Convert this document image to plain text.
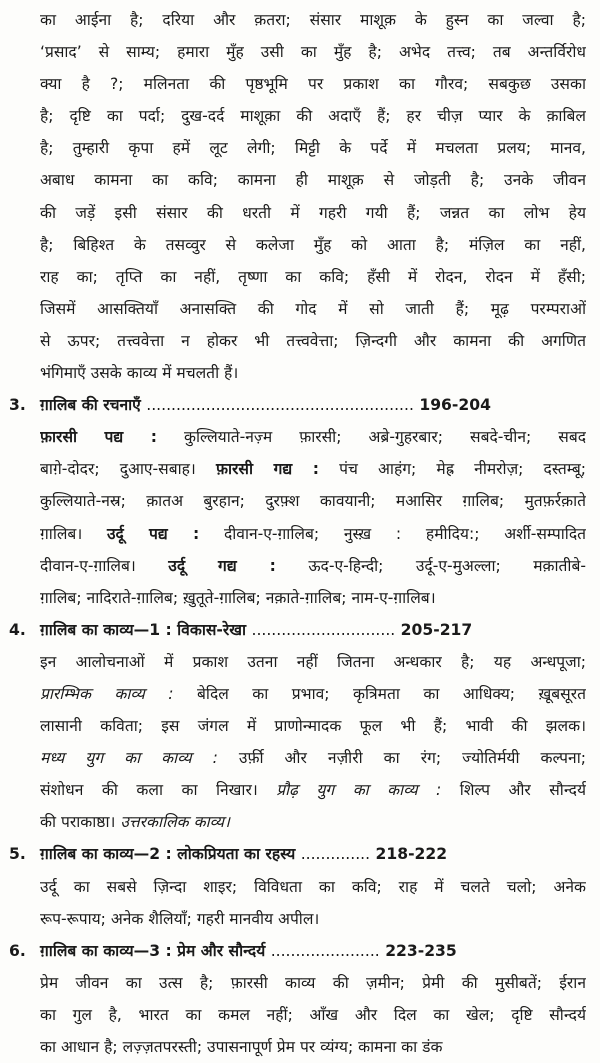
का आईना है; दरिया और क़तरा; संसार माशूक़ के हुस्न का जल्वा है;
‘प्रसाद’ से साम्य; हमारा मुँह उसी का मुँह है; अभेद तत्त्व; तब अन्तर्विरोध
क्या है ?; मलिनता की पृष्ठभूमि पर प्रकाश का गौरव; सबकुछ उसका
है; दृष्टि का पर्दा; दुख-दर्द माशूक़ा की अदाएँ हैं; हर चीज़ प्यार के क़ाबिल
है; तुम्हारी कृपा हमें लूट लेगी; मिट्टी के पर्दे में मचलता प्रलय; मानव,
अबाध कामना का कवि; कामना ही माशूक़ से जोड़ती है; उनके जीवन
की जड़ें इसी संसार की धरती में गहरी गयी हैं; जन्नत का लोभ हेय
है; बिहिश्त के तसव्वुर से कलेजा मुँह को आता है; मंज़िल का नहीं,
राह का; तृप्ति का नहीं, तृष्णा का कवि; हँसी में रोदन, रोदन में हँसी;
जिसमें आसक्तियाँ अनासक्ति की गोद में सो जाती हैं; मूढ़ परम्पराओं
से ऊपर; तत्त्ववेत्ता न होकर भी तत्त्ववेत्ता; ज़िन्दगी और कामना की अगणित
भंगिमाएँ उसके काव्य में मचलती हैं।
3. ग़ालिब की रचनाएँ ...................................................... 196-204
फ़ारसी पद्य : कुल्लियाते-नज़्म फ़ारसी; अब्रे-गुहरबार; सबदे-चीन; सबद
बाग़े-दोदर; दुआए-सबाह। फ़ारसी गद्य : पंच आहंग; मेह्र नीमरोज़; दस्तम्बू;
कुल्लियाते-नस्र; क़ातअ बुरहान; दुरफ़्श कावयानी; मआसिर ग़ालिब; मुतफ़र्रक़ाते
ग़ालिब। उर्दू पद्य : दीवान-ए-ग़ालिब; नुस्ख़ : हमीदिय:; अर्शी-सम्पादित
दीवान-ए-ग़ालिब। उर्दू गद्य : ऊद-ए-हिन्दी; उर्दू-ए-मुअल्ला; मक़ातीबे-
ग़ालिब; नादिराते-ग़ालिब; ख़ुतूते-ग़ालिब; नक़ाते-ग़ालिब; नाम-ए-ग़ालिब।
4. ग़ालिब का काव्य—1 : विकास-रेखा ............................. 205-217
इन आलोचनाओं में प्रकाश उतना नहीं जितना अन्धकार है; यह अन्धपूजा;
प्रारम्भिक काव्य : बेदिल का प्रभाव; कृत्रिमता का आधिक्य; ख़ूबसूरत
लासानी कविता; इस जंगल में प्राणोन्मादक फूल भी हैं; भावी की झलक।
मध्य युग का काव्य : उर्फ़ी और नज़ीरी का रंग; ज्योतिर्मयी कल्पना;
संशोधन की कला का निखार। प्रौढ़ युग का काव्य : शिल्प और सौन्दर्य
की पराकाष्ठा। उत्तरकालिक काव्य।
5. ग़ालिब का काव्य—2 : लोकप्रियता का रहस्य .............. 218-222
उर्दू का सबसे ज़िन्दा शाइर; विविधता का कवि; राह में चलते चलो; अनेक
रूप-रूपाय; अनेक शैलियाँ; गहरी मानवीय अपील।
6. ग़ालिब का काव्य—3 : प्रेम और सौन्दर्य ...................... 223-235
प्रेम जीवन का उत्स है; फ़ारसी काव्य की ज़मीन; प्रेमी की मुसीबतें; ईरान
का गुल है, भारत का कमल नहीं; आँख और दिल का खेल; दृष्टि सौन्दर्य
का आधान है; लज़्ज़तपरस्ती; उपासनापूर्ण प्रेम पर व्यंग्य; कामना का डंक
